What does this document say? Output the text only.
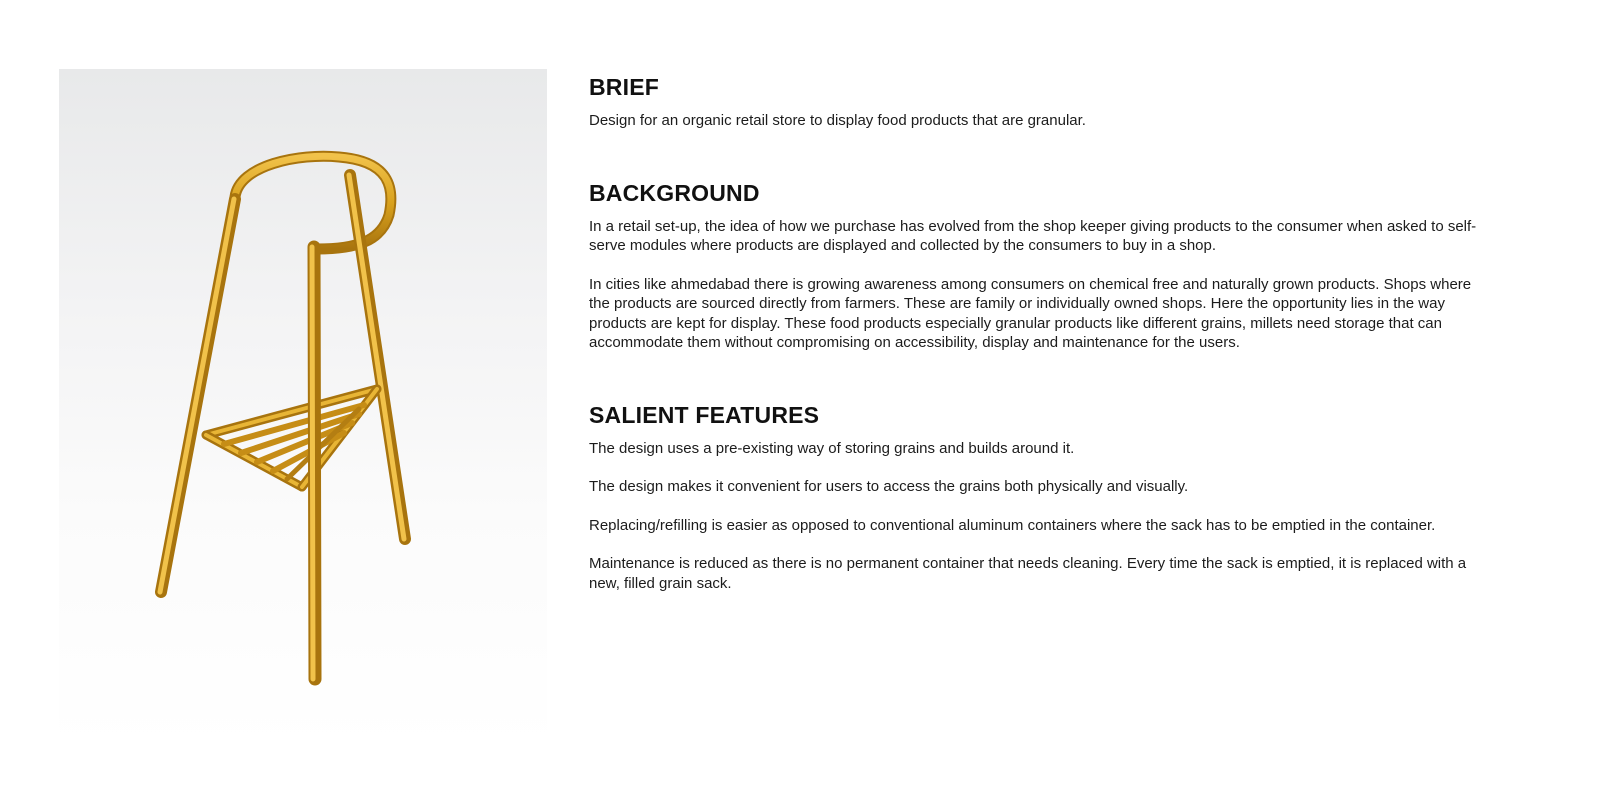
BRIEF

Design for an organic retail store to display food products that are granular.

BACKGROUND

In a retail set-up, the idea of how we purchase has evolved from the shop keeper giving products to the consumer when asked to self-serve modules where products are displayed and collected by the consumers to buy in a shop.

In cities like ahmedabad there is growing awareness among consumers on chemical free and naturally grown products. Shops where the products are sourced directly from farmers. These are family or individually owned shops. Here the opportunity lies in the way products are kept for display. These food products especially granular products like different grains, millets need storage that can accommodate them without compromising on accessibility, display and maintenance for the users.

SALIENT FEATURES

The design uses a pre-existing way of storing grains and builds around it.

The design makes it convenient for users to access the grains both physically and visually.

Replacing/refilling is easier as opposed to conventional aluminum containers where the sack has to be emptied in the container.

Maintenance is reduced as there is no permanent container that needs cleaning. Every time the sack is emptied, it is replaced with a new, filled grain sack.
